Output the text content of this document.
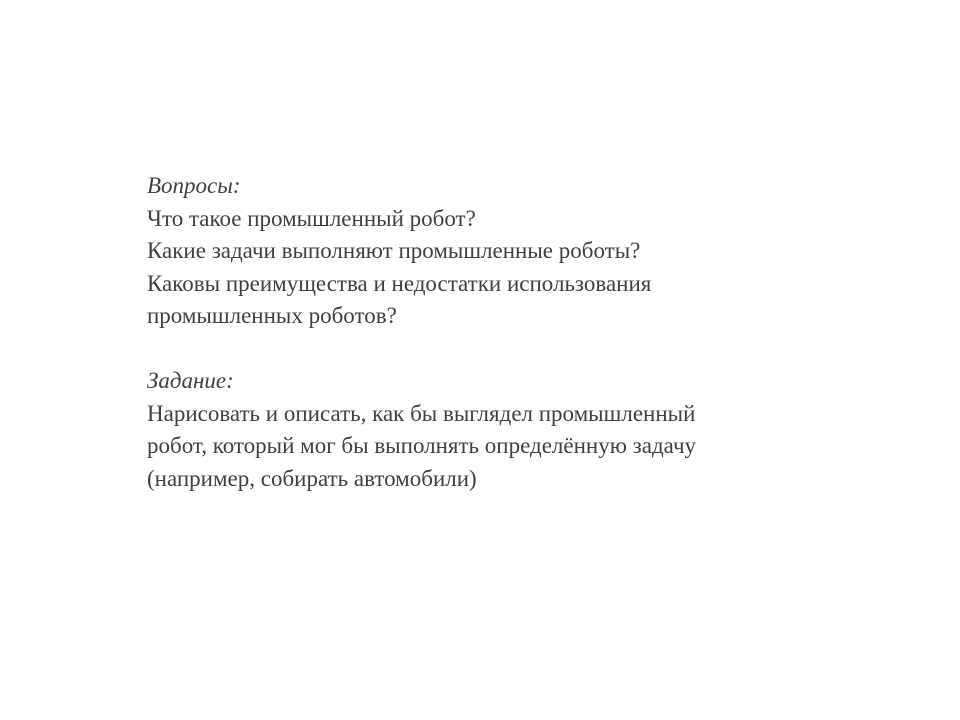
Вопросы:
Что такое промышленный робот?
Какие задачи выполняют промышленные роботы?
Каковы преимущества и недостатки использования
промышленных роботов?
Задание:
Нарисовать и описать, как бы выглядел промышленный
робот, который мог бы выполнять определённую задачу
(например, собирать автомобили)
